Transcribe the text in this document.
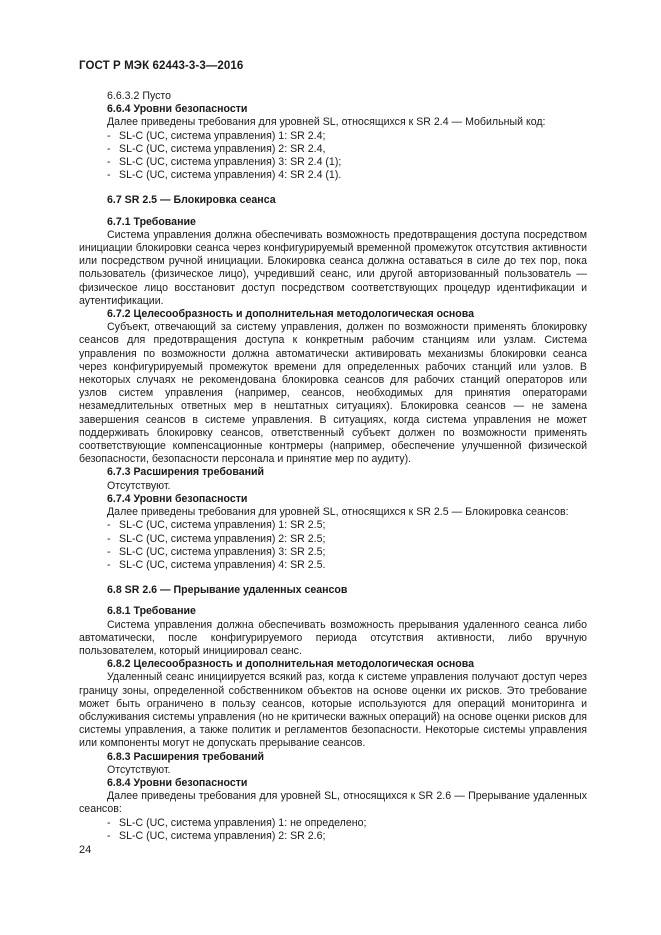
ГОСТ Р МЭК 62443-3-3—2016
6.6.3.2 Пусто
6.6.4 Уровни безопасности

Далее приведены требования для уровней SL, относящихся к SR 2.4 — Мобильный код:

- SL-C (UC, система управления) 1: SR 2.4;
- SL-C (UC, система управления) 2: SR 2.4,
- SL-C (UC, система управления) 3: SR 2.4 (1);
- SL-C (UC, система управления) 4: SR 2.4 (1).
6.7 SR 2.5 — Блокировка сеанса
6.7.1 Требование

Система управления должна обеспечивать возможность предотвращения доступа посредством инициации блокировки сеанса через конфигурируемый временной промежуток отсутствия активности или посредством ручной инициации. Блокировка сеанса должна оставаться в силе до тех пор, пока пользователь (физическое лицо), учредивший сеанс, или другой авторизованный пользователь — физическое лицо восстановит доступ посредством соответствующих процедур идентификации и аутентификации.

6.7.2 Целесообразность и дополнительная методологическая основа

Субъект, отвечающий за систему управления, должен по возможности применять блокировку сеансов для предотвращения доступа к конкретным рабочим станциям или узлам. Система управления по возможности должна автоматически активировать механизмы блокировки сеанса через конфигурируемый промежуток времени для определенных рабочих станций или узлов. В некоторых случаях не рекомендована блокировка сеансов для рабочих станций операторов или узлов систем управления (например, сеансов, необходимых для принятия операторами незамедлительных ответных мер в нештатных ситуациях). Блокировка сеансов — не замена завершения сеансов в системе управления. В ситуациях, когда система управления не может поддерживать блокировку сеансов, ответственный субъект должен по возможности применять соответствующие компенсационные контрмеры (например, обеспечение улучшенной физической безопасности, безопасности персонала и принятие мер по аудиту).

6.7.3 Расширения требований

Отсутствуют.

6.7.4 Уровни безопасности

Далее приведены требования для уровней SL, относящихся к SR 2.5 — Блокировка сеансов:

- SL-C (UC, система управления) 1: SR 2.5;
- SL-C (UC, система управления) 2: SR 2.5;
- SL-C (UC, система управления) 3: SR 2.5;
- SL-C (UC, система управления) 4: SR 2.5.
6.8 SR 2.6 — Прерывание удаленных сеансов
6.8.1 Требование

Система управления должна обеспечивать возможность прерывания удаленного сеанса либо автоматически, после конфигурируемого периода отсутствия активности, либо вручную пользователем, который инициировал сеанс.

6.8.2 Целесообразность и дополнительная методологическая основа

Удаленный сеанс инициируется всякий раз, когда к системе управления получают доступ через границу зоны, определенной собственником объектов на основе оценки их рисков. Это требование может быть ограничено в пользу сеансов, которые используются для операций мониторинга и обслуживания системы управления (но не критически важных операций) на основе оценки рисков для системы управления, а также политик и регламентов безопасности. Некоторые системы управления или компоненты могут не допускать прерывание сеансов.

6.8.3 Расширения требований

Отсутствуют.

6.8.4 Уровни безопасности

Далее приведены требования для уровней SL, относящихся к SR 2.6 — Прерывание удаленных сеансов:

- SL-C (UC, система управления) 1: не определено;
- SL-C (UC, система управления) 2: SR 2.6;
24
